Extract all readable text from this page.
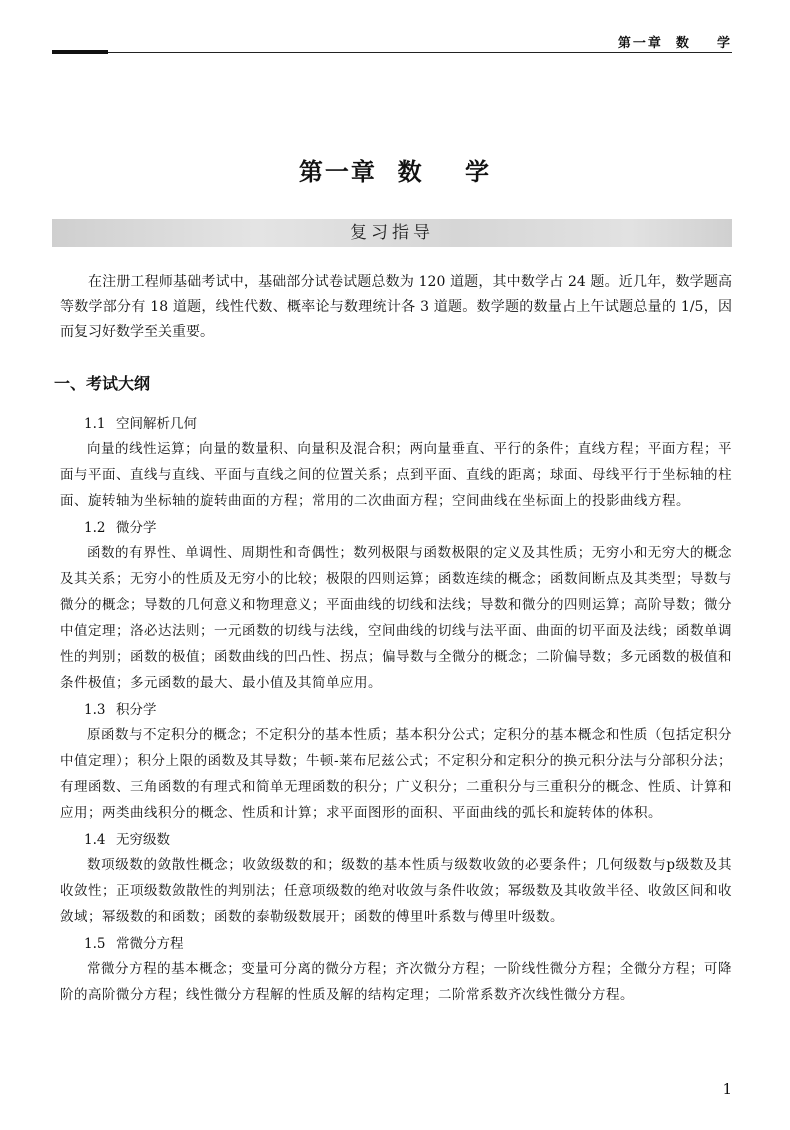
第一章  数    学
第一章  数    学
复习指导

在注册工程师基础考试中，基础部分试卷试题总数为 120 道题，其中数学占 24 题。近几年，数学题高等数学部分有 18 道题，线性代数、概率论与数理统计各 3 道题。数学题的数量占上午试题总量的 1/5，因而复习好数学至关重要。

一、考试大纲

1.1 空间解析几何

向量的线性运算；向量的数量积、向量积及混合积；两向量垂直、平行的条件；直线方程；平面方程；平面与平面、直线与直线、平面与直线之间的位置关系；点到平面、直线的距离；球面、母线平行于坐标轴的柱面、旋转轴为坐标轴的旋转曲面的方程；常用的二次曲面方程；空间曲线在坐标面上的投影曲线方程。

1.2 微分学

函数的有界性、单调性、周期性和奇偶性；数列极限与函数极限的定义及其性质；无穷小和无穷大的概念及其关系；无穷小的性质及无穷小的比较；极限的四则运算；函数连续的概念；函数间断点及其类型；导数与微分的概念；导数的几何意义和物理意义；平面曲线的切线和法线；导数和微分的四则运算；高阶导数；微分中值定理；洛必达法则；一元函数的切线与法线，空间曲线的切线与法平面、曲面的切平面及法线；函数单调性的判别；函数的极值；函数曲线的凹凸性、拐点；偏导数与全微分的概念；二阶偏导数；多元函数的极值和条件极值；多元函数的最大、最小值及其简单应用。

1.3 积分学

原函数与不定积分的概念；不定积分的基本性质；基本积分公式；定积分的基本概念和性质（包括定积分中值定理）；积分上限的函数及其导数；牛顿-莱布尼兹公式；不定积分和定积分的换元积分法与分部积分法；有理函数、三角函数的有理式和简单无理函数的积分；广义积分；二重积分与三重积分的概念、性质、计算和应用；两类曲线积分的概念、性质和计算；求平面图形的面积、平面曲线的弧长和旋转体的体积。

1.4 无穷级数

数项级数的敛散性概念；收敛级数的和；级数的基本性质与级数收敛的必要条件；几何级数与p级数及其收敛性；正项级数敛散性的判别法；任意项级数的绝对收敛与条件收敛；幂级数及其收敛半径、收敛区间和收敛域；幂级数的和函数；函数的泰勒级数展开；函数的傅里叶系数与傅里叶级数。

1.5 常微分方程

常微分方程的基本概念；变量可分离的微分方程；齐次微分方程；一阶线性微分方程；全微分方程；可降阶的高阶微分方程；线性微分方程解的性质及解的结构定理；二阶常系数齐次线性微分方程。

1
